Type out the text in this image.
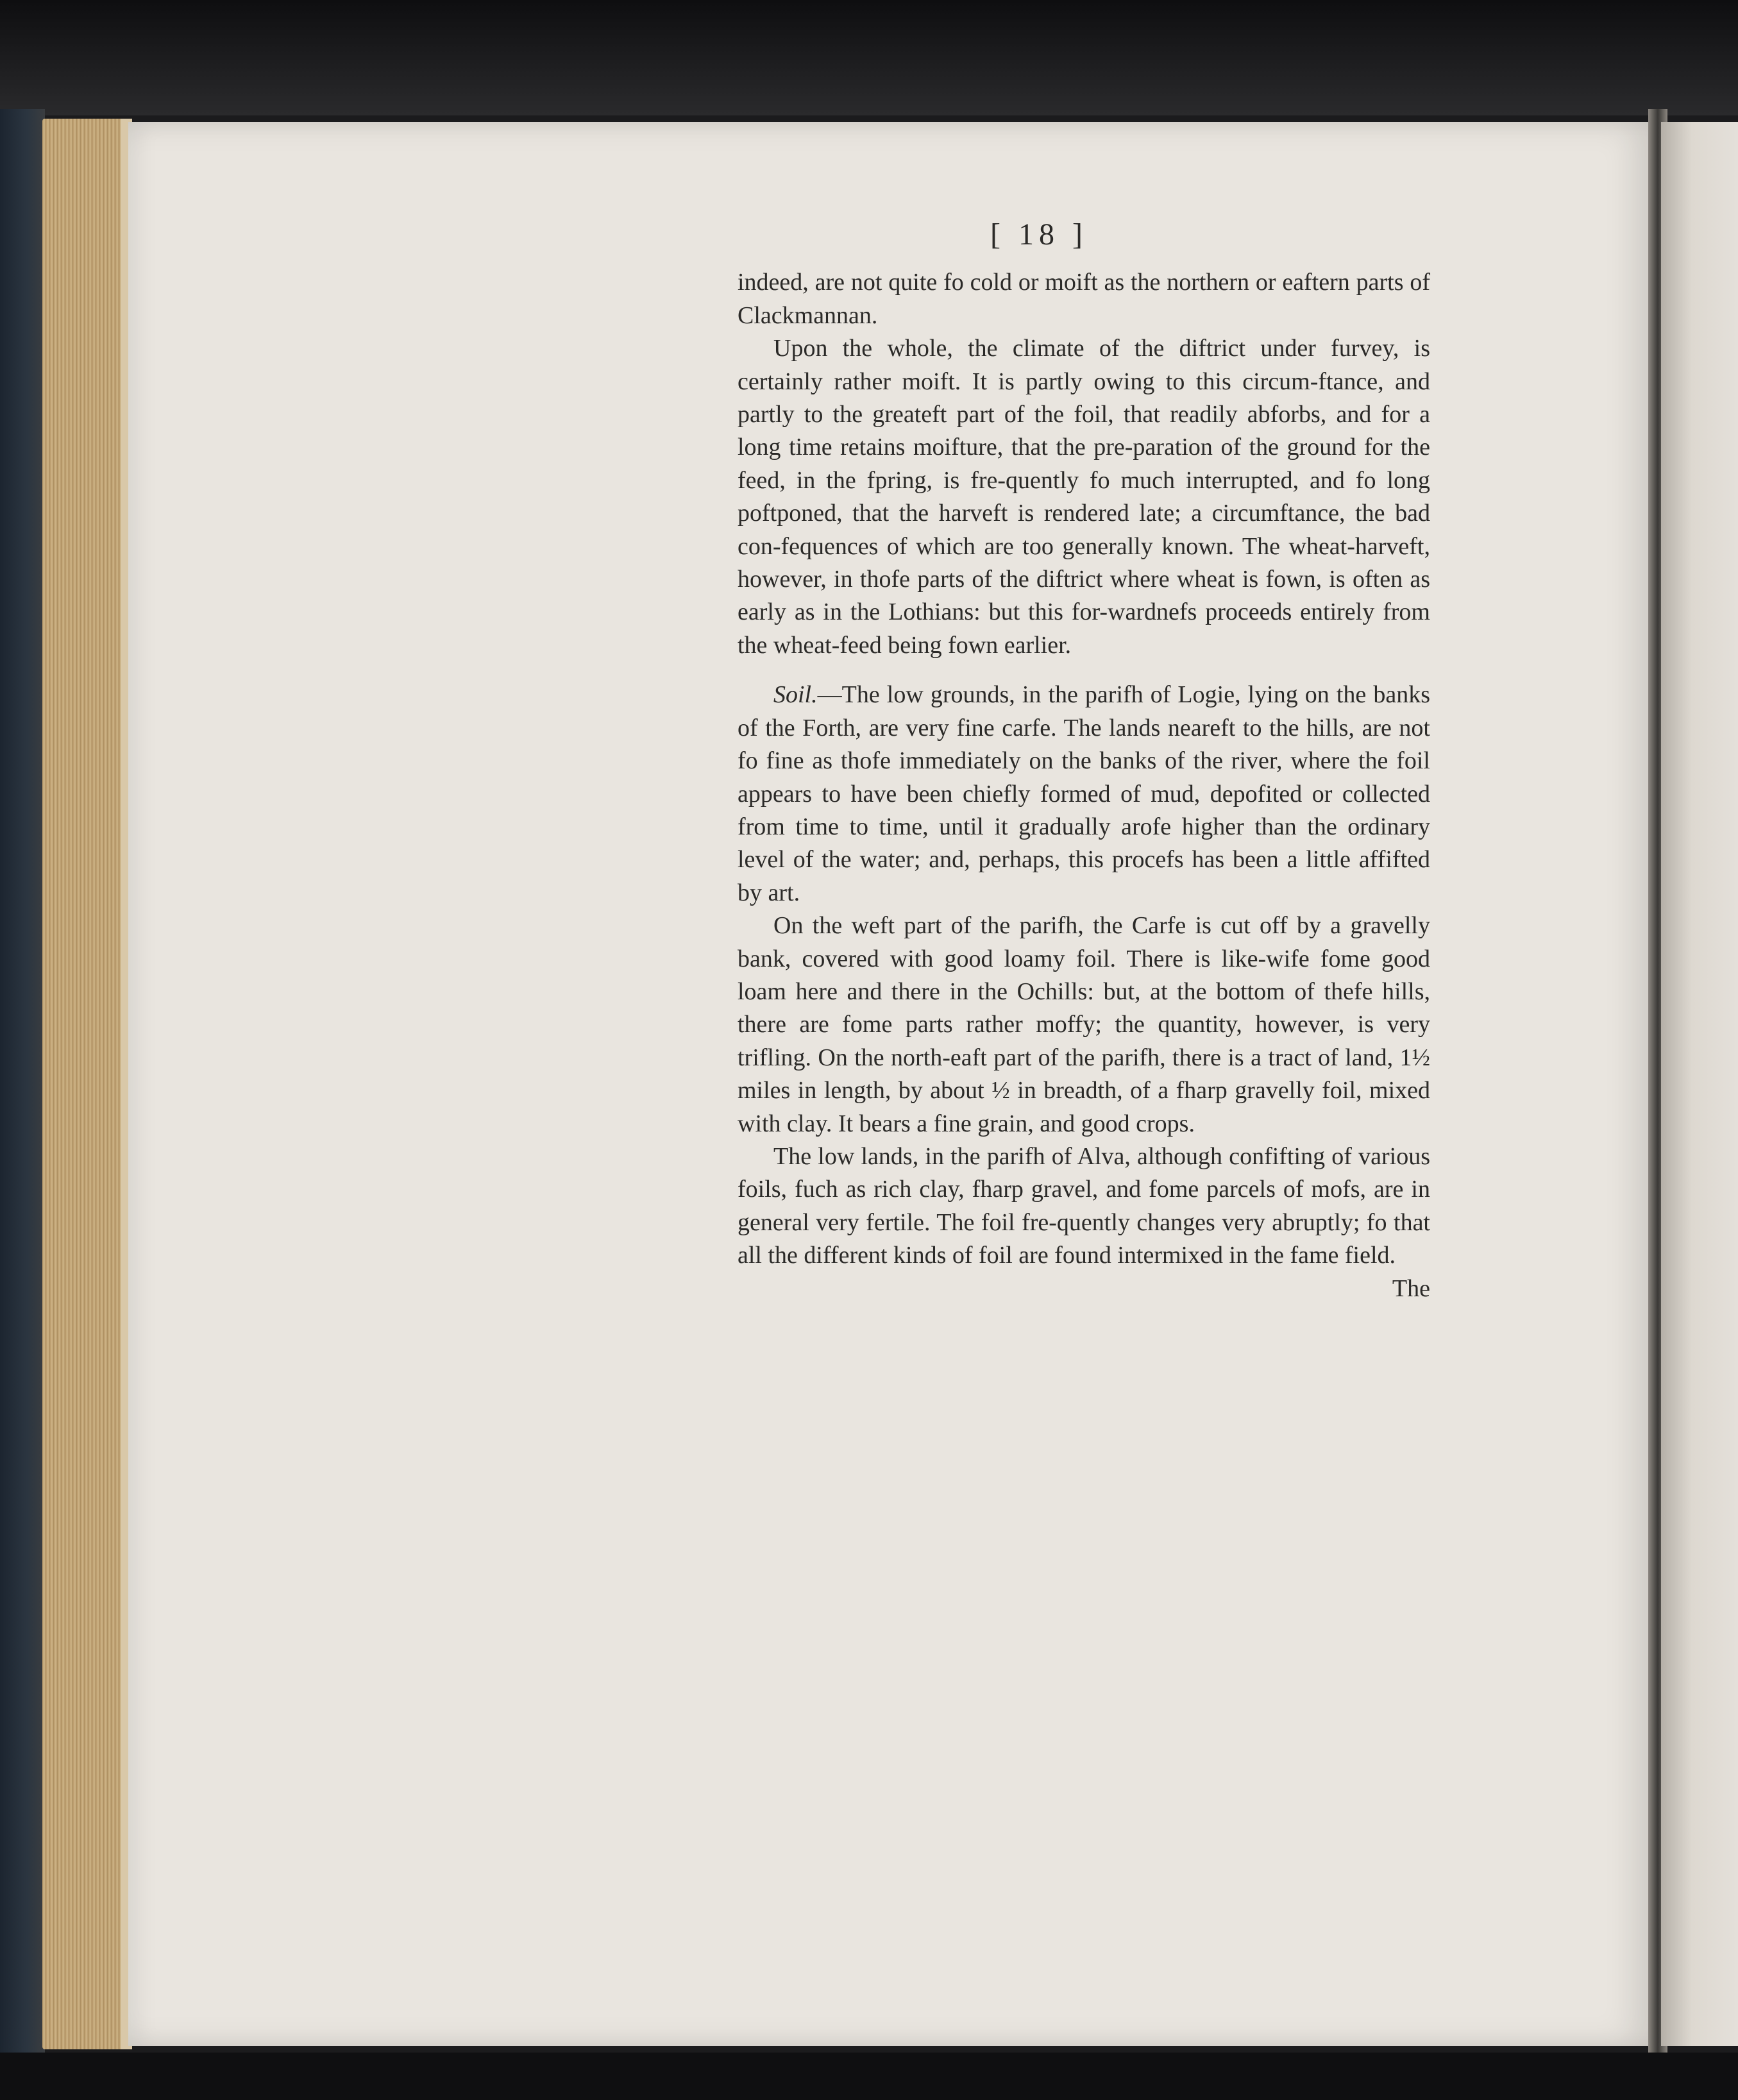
[ 18 ]

indeed, are not quite fo cold or moift as the northern or eaftern parts of Clackmannan.

Upon the whole, the climate of the diftrict under furvey, is certainly rather moift. It is partly owing to this circum-ftance, and partly to the greateft part of the foil, that readily abforbs, and for a long time retains moifture, that the pre-paration of the ground for the feed, in the fpring, is fre-quently fo much interrupted, and fo long poftponed, that the harveft is rendered late; a circumftance, the bad con-fequences of which are too generally known. The wheat-harveft, however, in thofe parts of the diftrict where wheat is fown, is often as early as in the Lothians: but this for-wardnefs proceeds entirely from the wheat-feed being fown earlier.

Soil.—The low grounds, in the parifh of Logie, lying on the banks of the Forth, are very fine carfe. The lands neareft to the hills, are not fo fine as thofe immediately on the banks of the river, where the foil appears to have been chiefly formed of mud, depofited or collected from time to time, until it gradually arofe higher than the ordinary level of the water; and, perhaps, this procefs has been a little affifted by art.

On the weft part of the parifh, the Carfe is cut off by a gravelly bank, covered with good loamy foil. There is like-wife fome good loam here and there in the Ochills: but, at the bottom of thefe hills, there are fome parts rather moffy; the quantity, however, is very trifling. On the north-eaft part of the parifh, there is a tract of land, 1½ miles in length, by about ½ in breadth, of a fharp gravelly foil, mixed with clay. It bears a fine grain, and good crops.

The low lands, in the parifh of Alva, although confifting of various foils, fuch as rich clay, fharp gravel, and fome parcels of mofs, are in general very fertile. The foil fre-quently changes very abruptly; fo that all the different kinds of foil are found intermixed in the fame field.

The
